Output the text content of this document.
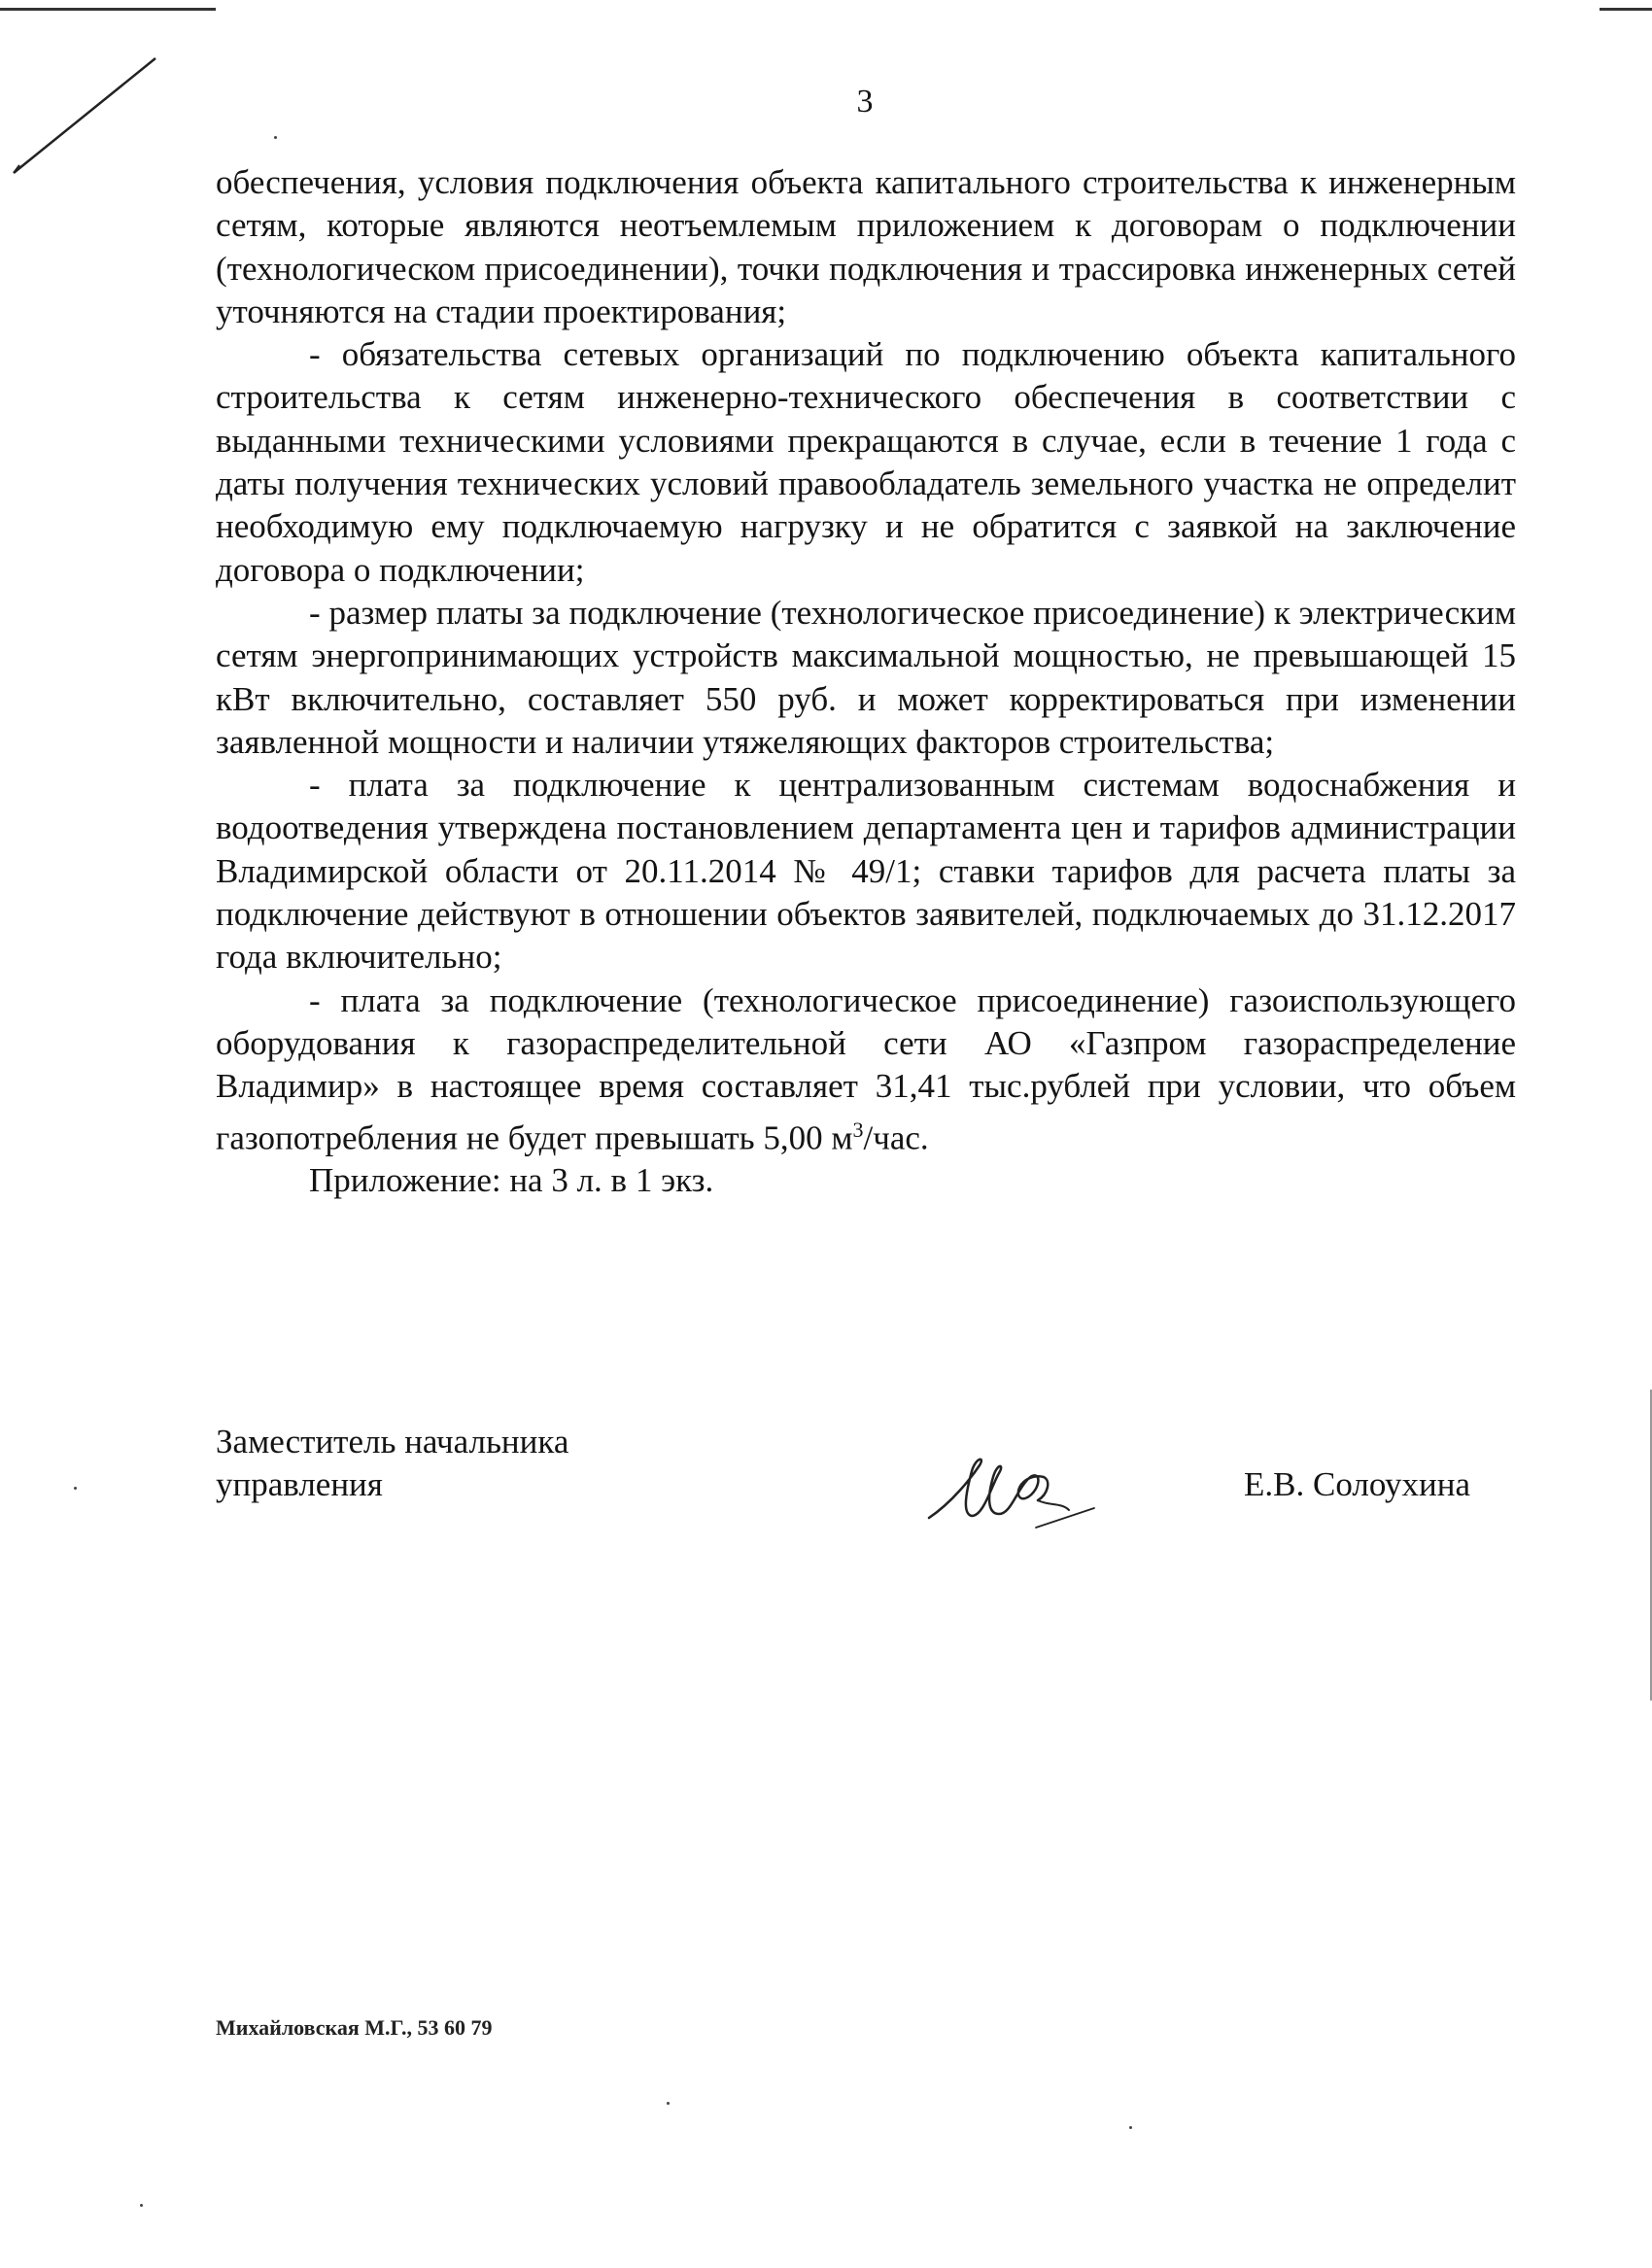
3

обеспечения, условия подключения объекта капитального строительства к инженерным сетям, которые являются неотъемлемым приложением к договорам о подключении (технологическом присоединении), точки подключения и трассировка инженерных сетей уточняются на стадии проектирования;

- обязательства сетевых организаций по подключению объекта капитального строительства к сетям инженерно-технического обеспечения в соответствии с выданными техническими условиями прекращаются в случае, если в течение 1 года с даты получения технических условий правообладатель земельного участка не определит необходимую ему подключаемую нагрузку и не обратится с заявкой на заключение договора о подключении;

- размер платы за подключение (технологическое присоединение) к электрическим сетям энергопринимающих устройств максимальной мощностью, не превышающей 15 кВт включительно, составляет 550 руб. и может корректироваться при изменении заявленной мощности и наличии утяжеляющих факторов строительства;

- плата за подключение к централизованным системам водоснабжения и водоотведения утверждена постановлением департамента цен и тарифов администрации Владимирской области от 20.11.2014 № 49/1; ставки тарифов для расчета платы за подключение действуют в отношении объектов заявителей, подключаемых до 31.12.2017 года включительно;

- плата за подключение (технологическое присоединение) газоиспользующего оборудования к газораспределительной сети АО «Газпром газораспределение Владимир» в настоящее время составляет 31,41 тыс.рублей при условии, что объем газопотребления не будет превышать 5,00 $м^3$/час.

Приложение: на 3 л. в 1 экз.

Заместитель начальника
управления	Е.В. Солоухина
Михайловская М.Г., 53 60 79
